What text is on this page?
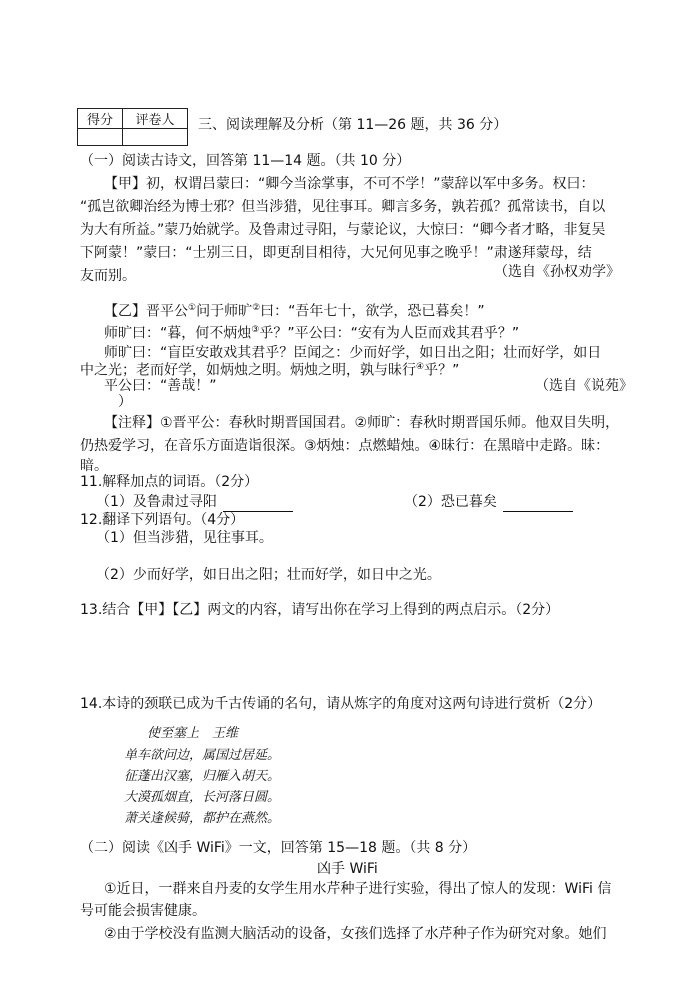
得分	评卷人
	三、阅读理解及分析（第 11—26 题，共 36 分）
（一）阅读古诗文，回答第 11—14 题。（共 10 分）
【甲】初，权谓吕蒙曰：“卿今当涂掌事，不可不学！”蒙辞以军中多务。权曰：
“孤岂欲卿治经为博士邪？但当涉猎，见往事耳。卿言多务，孰若孤？孤常读书，自以
为大有所益。”蒙乃始就学。及鲁肃过寻阳，与蒙论议，大惊曰：“卿今者才略，非复吴
下阿蒙！”蒙曰：“士别三日，即更刮目相待，大兄何见事之晚乎！”肃遂拜蒙母，结
友而别。	（选自《孙权劝学》
【乙】晋平公①问于师旷②曰：“吾年七十，欲学，恐已暮矣！”
师旷曰：“暮，何不炳烛③乎？”平公曰：“安有为人臣而戏其君乎？”
师旷曰：“盲臣安敢戏其君乎？臣闻之：少而好学，如日出之阳；壮而好学，如日
中之光；老而好学，如炳烛之明。炳烛之明，孰与昧行④乎？”
平公曰：“善哉！”	（选自《说苑》
）
【注释】①晋平公：春秋时期晋国国君。②师旷：春秋时期晋国乐师。他双目失明，
仍热爱学习，在音乐方面造诣很深。③炳烛：点燃蜡烛。④昧行：在黑暗中走路。昧：
暗。
11.解释加点的词语。（2分）
（1）及鲁肃过寻阳	（2）恐已暮矣
12.翻译下列语句。（4分）
（1）但当涉猎，见往事耳。
（2）少而好学，如日出之阳；壮而好学，如日中之光。
13.结合【甲】【乙】两文的内容，请写出你在学习上得到的两点启示。（2分）
14.本诗的颈联已成为千古传诵的名句，请从炼字的角度对这两句诗进行赏析（2分）
使至塞上　王维
单车欲问边，属国过居延。
征蓬出汉塞，归雁入胡天。
大漠孤烟直，长河落日圆。
萧关逢候骑，都护在燕然。
（二）阅读《凶手 WiFi》一文，回答第 15—18 题。（共 8 分）
凶手 WiFi
①近日，一群来自丹麦的女学生用水芹种子进行实验，得出了惊人的发现：WiFi 信
号可能会损害健康。
②由于学校没有监测大脑活动的设备，女孩们选择了水芹种子作为研究对象。她们
